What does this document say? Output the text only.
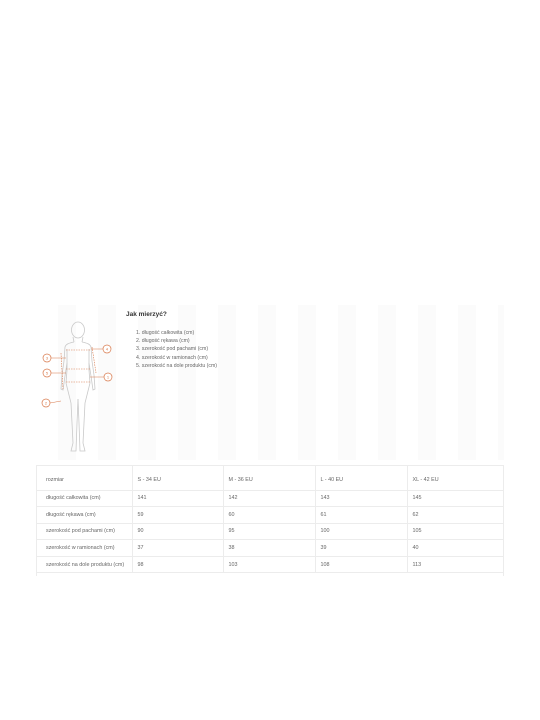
4
3
5
1
2
Jak mierzyć?
1. długość całkowita (cm)
2. długość rękawa (cm)
3. szerokość pod pachami (cm)
4. szerokość w ramionach (cm)
5. szerokość na dole produktu (cm)
rozmiar	S - 34 EU	M - 36 EU	L - 40 EU	XL - 42 EU
długość całkowita (cm)	141	142	143	145
długość rękawa (cm)	59	60	61	62
szerokość pod pachami (cm)	90	95	100	105
szerokość w ramionach (cm)	37	38	39	40
szerokość na dole produktu (cm)	98	103	108	113
